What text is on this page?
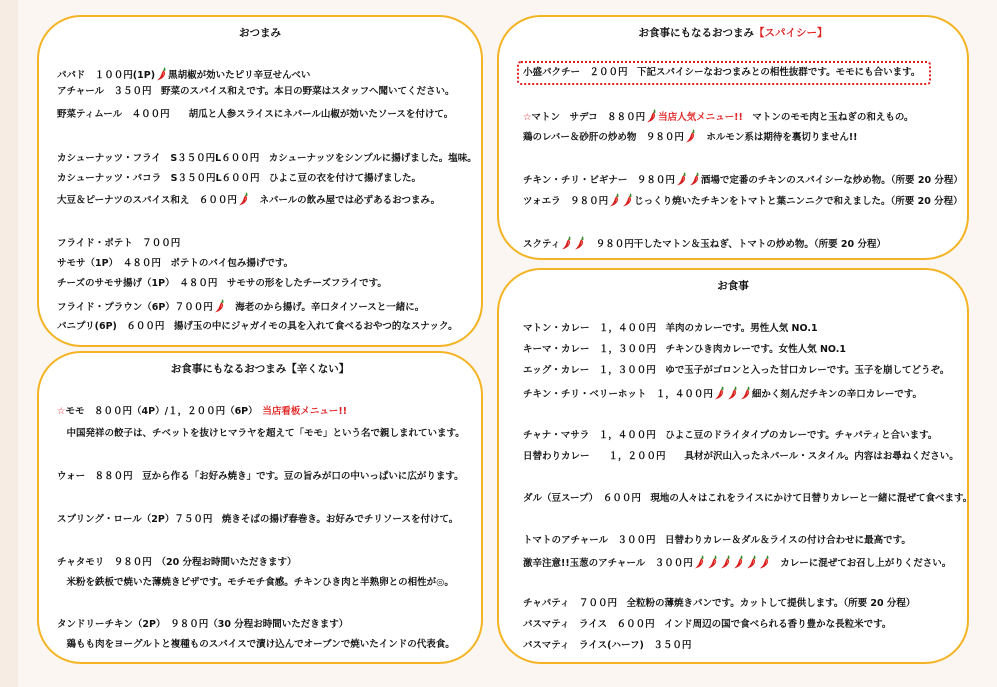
おつまみ
パパド　１００円(1P) 黒胡椒が効いたピリ辛豆せんべい
アチャール　３５０円　野菜のスパイス和えです。本日の野菜はスタッフへ聞いてください。
野菜ティムール　４００円　　胡瓜と人参スライスにネパール山椒が効いたソースを付けて。
カシューナッツ・フライ　S３５０円L６００円　カシューナッツをシンプルに揚げました。塩味。
カシューナッツ・パコラ　S３５０円L６００円　ひよこ豆の衣を付けて揚げました。
大豆＆ピーナツのスパイス和え　６００円　ネパールの飲み屋では必ずあるおつまみ。
フライド・ポテト　７００円
サモサ（1P）　４８０円　ポテトのパイ包み揚げです。
チーズのサモサ揚げ（1P）　４８０円　サモサの形をしたチーズフライです。
フライド・プラウン（6P）７００円　海老のから揚げ。辛口タイソースと一緒に。
パニプリ(6P)　６００円　揚げ玉の中にジャガイモの具を入れて食べるおやつ的なスナック。
お食事にもなるおつまみ【辛くない】
☆モモ　８００円（4P）/１，２００円（6P）　当店看板メニュー!!
　中国発祥の餃子は、チベットを抜けヒマラヤを超えて「モモ」という名で親しまれています。
ウォー　８８０円　豆から作る「お好み焼き」です。豆の旨みが口の中いっぱいに広がります。
スプリング・ロール（2P）７５０円　焼きそばの揚げ春巻き。お好みでチリソースを付けて。
チャタモリ　９８０円　（20 分程お時間いただきます）
　米粉を鉄板で焼いた薄焼きピザです。モチモチ食感。チキンひき肉と半熟卵との相性が◎。
タンドリーチキン（2P）　９８０円（30 分程お時間いただきます）
　鶏もも肉をヨーグルトと複種ものスパイスで漬け込んでオーブンで焼いたインドの代表食。
お食事にもなるおつまみ【スパイシー】
小盛パクチー　２００円　下記スパイシーなおつまみとの相性抜群です。モモにも合います。
☆マトン　サデコ　８８０円 当店人気メニュー!!　マトンのモモ肉と玉ねぎの和えもの。
鶏のレバー＆砂肝の炒め物　９８０円　ホルモン系は期待を裏切りません!!
チキン・チリ・ビギナー　９８０円	酒場で定番のチキンのスパイシーな炒め物。（所要 20 分程）
ツォエラ　９８０円	じっくり焼いたチキンをトマトと葉ニンニクで和えました。（所要 20 分程）
スクティ	　９８０円干したマトン＆玉ねぎ、トマトの炒め物。（所要 20 分程）
お食事
マトン・カレー　１，４００円　羊肉のカレーです。男性人気 NO.1
キーマ・カレー　１，３００円　チキンひき肉カレーです。女性人気 NO.1
エッグ・カレー　１，３００円　ゆで玉子がゴロンと入った甘口カレーです。玉子を崩してどうぞ。
チキン・チリ・ベリーホット　１，４００円	細かく刻んだチキンの辛口カレーです。
チャナ・マサラ　１，４００円　ひよこ豆のドライタイプのカレーです。チャパティと合います。
日替わりカレー　　１，２００円　　具材が沢山入ったネパール・スタイル。内容はお尋ねください。
ダル（豆スープ）　６００円　現地の人々はこれをライスにかけて日替りカレーと一緒に混ぜて食べます。
トマトのアチャール　３００円　日替わりカレー＆ダル＆ライスの付け合わせに最高です。
激辛注意!!玉葱のアチャール　３００円	　カレーに混ぜてお召し上がりください。
チャパティ　７００円　全粒粉の薄焼きパンです。カットして提供します。（所要 20 分程）
バスマティ　ライス　６００円　インド周辺の国で食べられる香り豊かな長粒米です。
バスマティ　ライス(ハーフ)　３５０円
